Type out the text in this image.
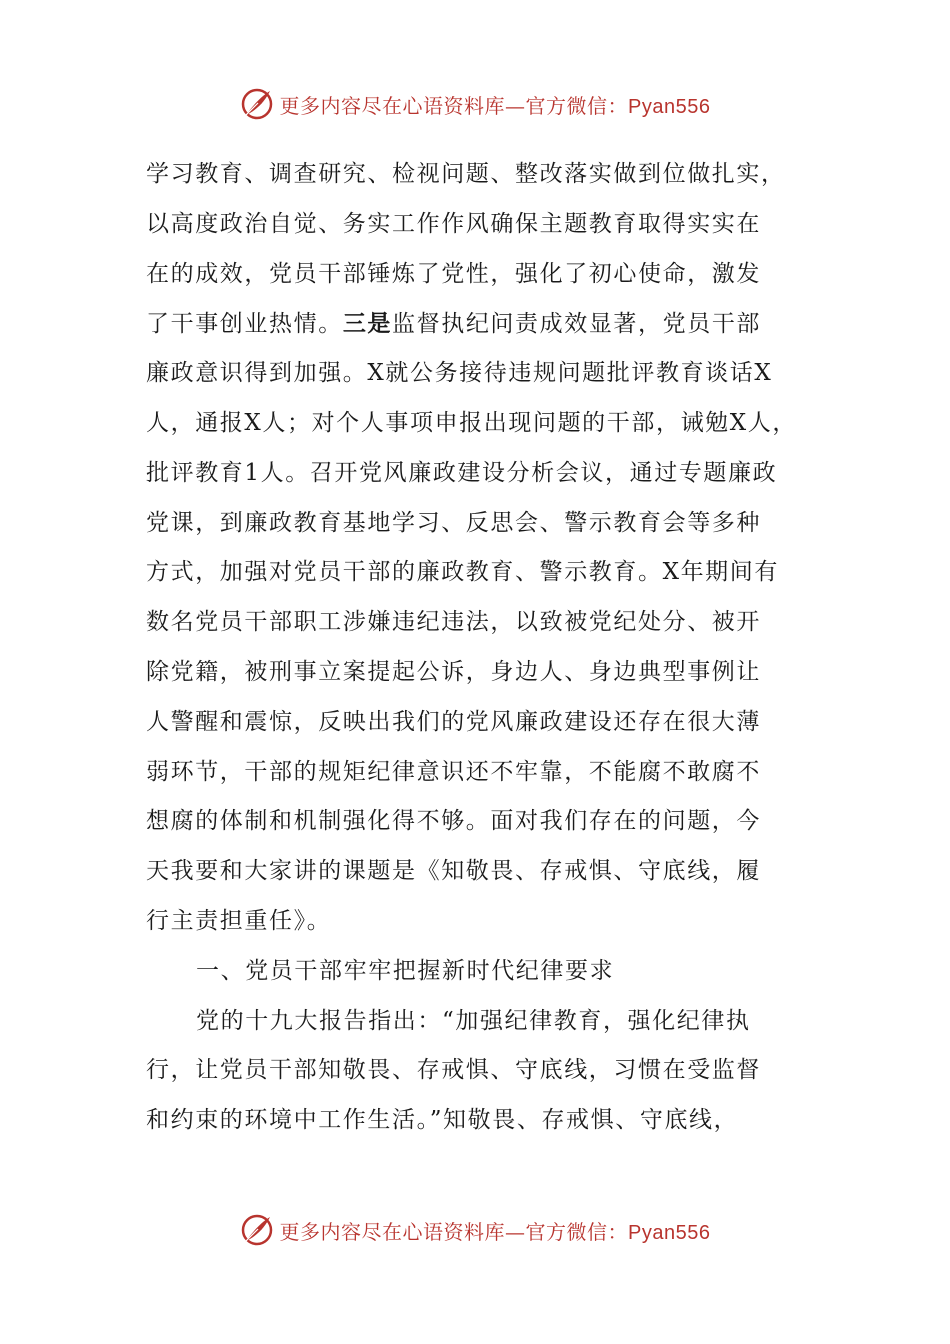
更多内容尽在心语资料库—官方微信：Pyan556
学习教育、调查研究、检视问题、整改落实做到位做扎实，
以高度政治自觉、务实工作作风确保主题教育取得实实在
在的成效，党员干部锤炼了党性，强化了初心使命，激发
了干事创业热情。三是监督执纪问责成效显著，党员干部
廉政意识得到加强。X就公务接待违规问题批评教育谈话X
人，通报X人；对个人事项申报出现问题的干部，诫勉X人，
批评教育1人。召开党风廉政建设分析会议，通过专题廉政
党课，到廉政教育基地学习、反思会、警示教育会等多种
方式，加强对党员干部的廉政教育、警示教育。X年期间有
数名党员干部职工涉嫌违纪违法，以致被党纪处分、被开
除党籍，被刑事立案提起公诉，身边人、身边典型事例让
人警醒和震惊，反映出我们的党风廉政建设还存在很大薄
弱环节，干部的规矩纪律意识还不牢靠，不能腐不敢腐不
想腐的体制和机制强化得不够。面对我们存在的问题，今
天我要和大家讲的课题是《知敬畏、存戒惧、守底线，履
行主责担重任》。
一、党员干部牢牢把握新时代纪律要求
党的十九大报告指出：“加强纪律教育，强化纪律执
行，让党员干部知敬畏、存戒惧、守底线，习惯在受监督
和约束的环境中工作生活。”知敬畏、存戒惧、守底线，
更多内容尽在心语资料库—官方微信：Pyan556
